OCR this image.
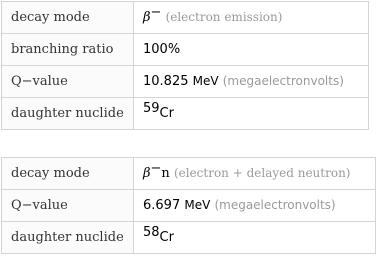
decay mode	β− (electron emission)
branching ratio	100%
Q−value	10.825 MeV (megaelectronvolts)
daughter nuclide	$^{59}$Cr
decay mode	β−n (electron + delayed neutron)
Q−value	6.697 MeV (megaelectronvolts)
daughter nuclide	$^{58}$Cr
